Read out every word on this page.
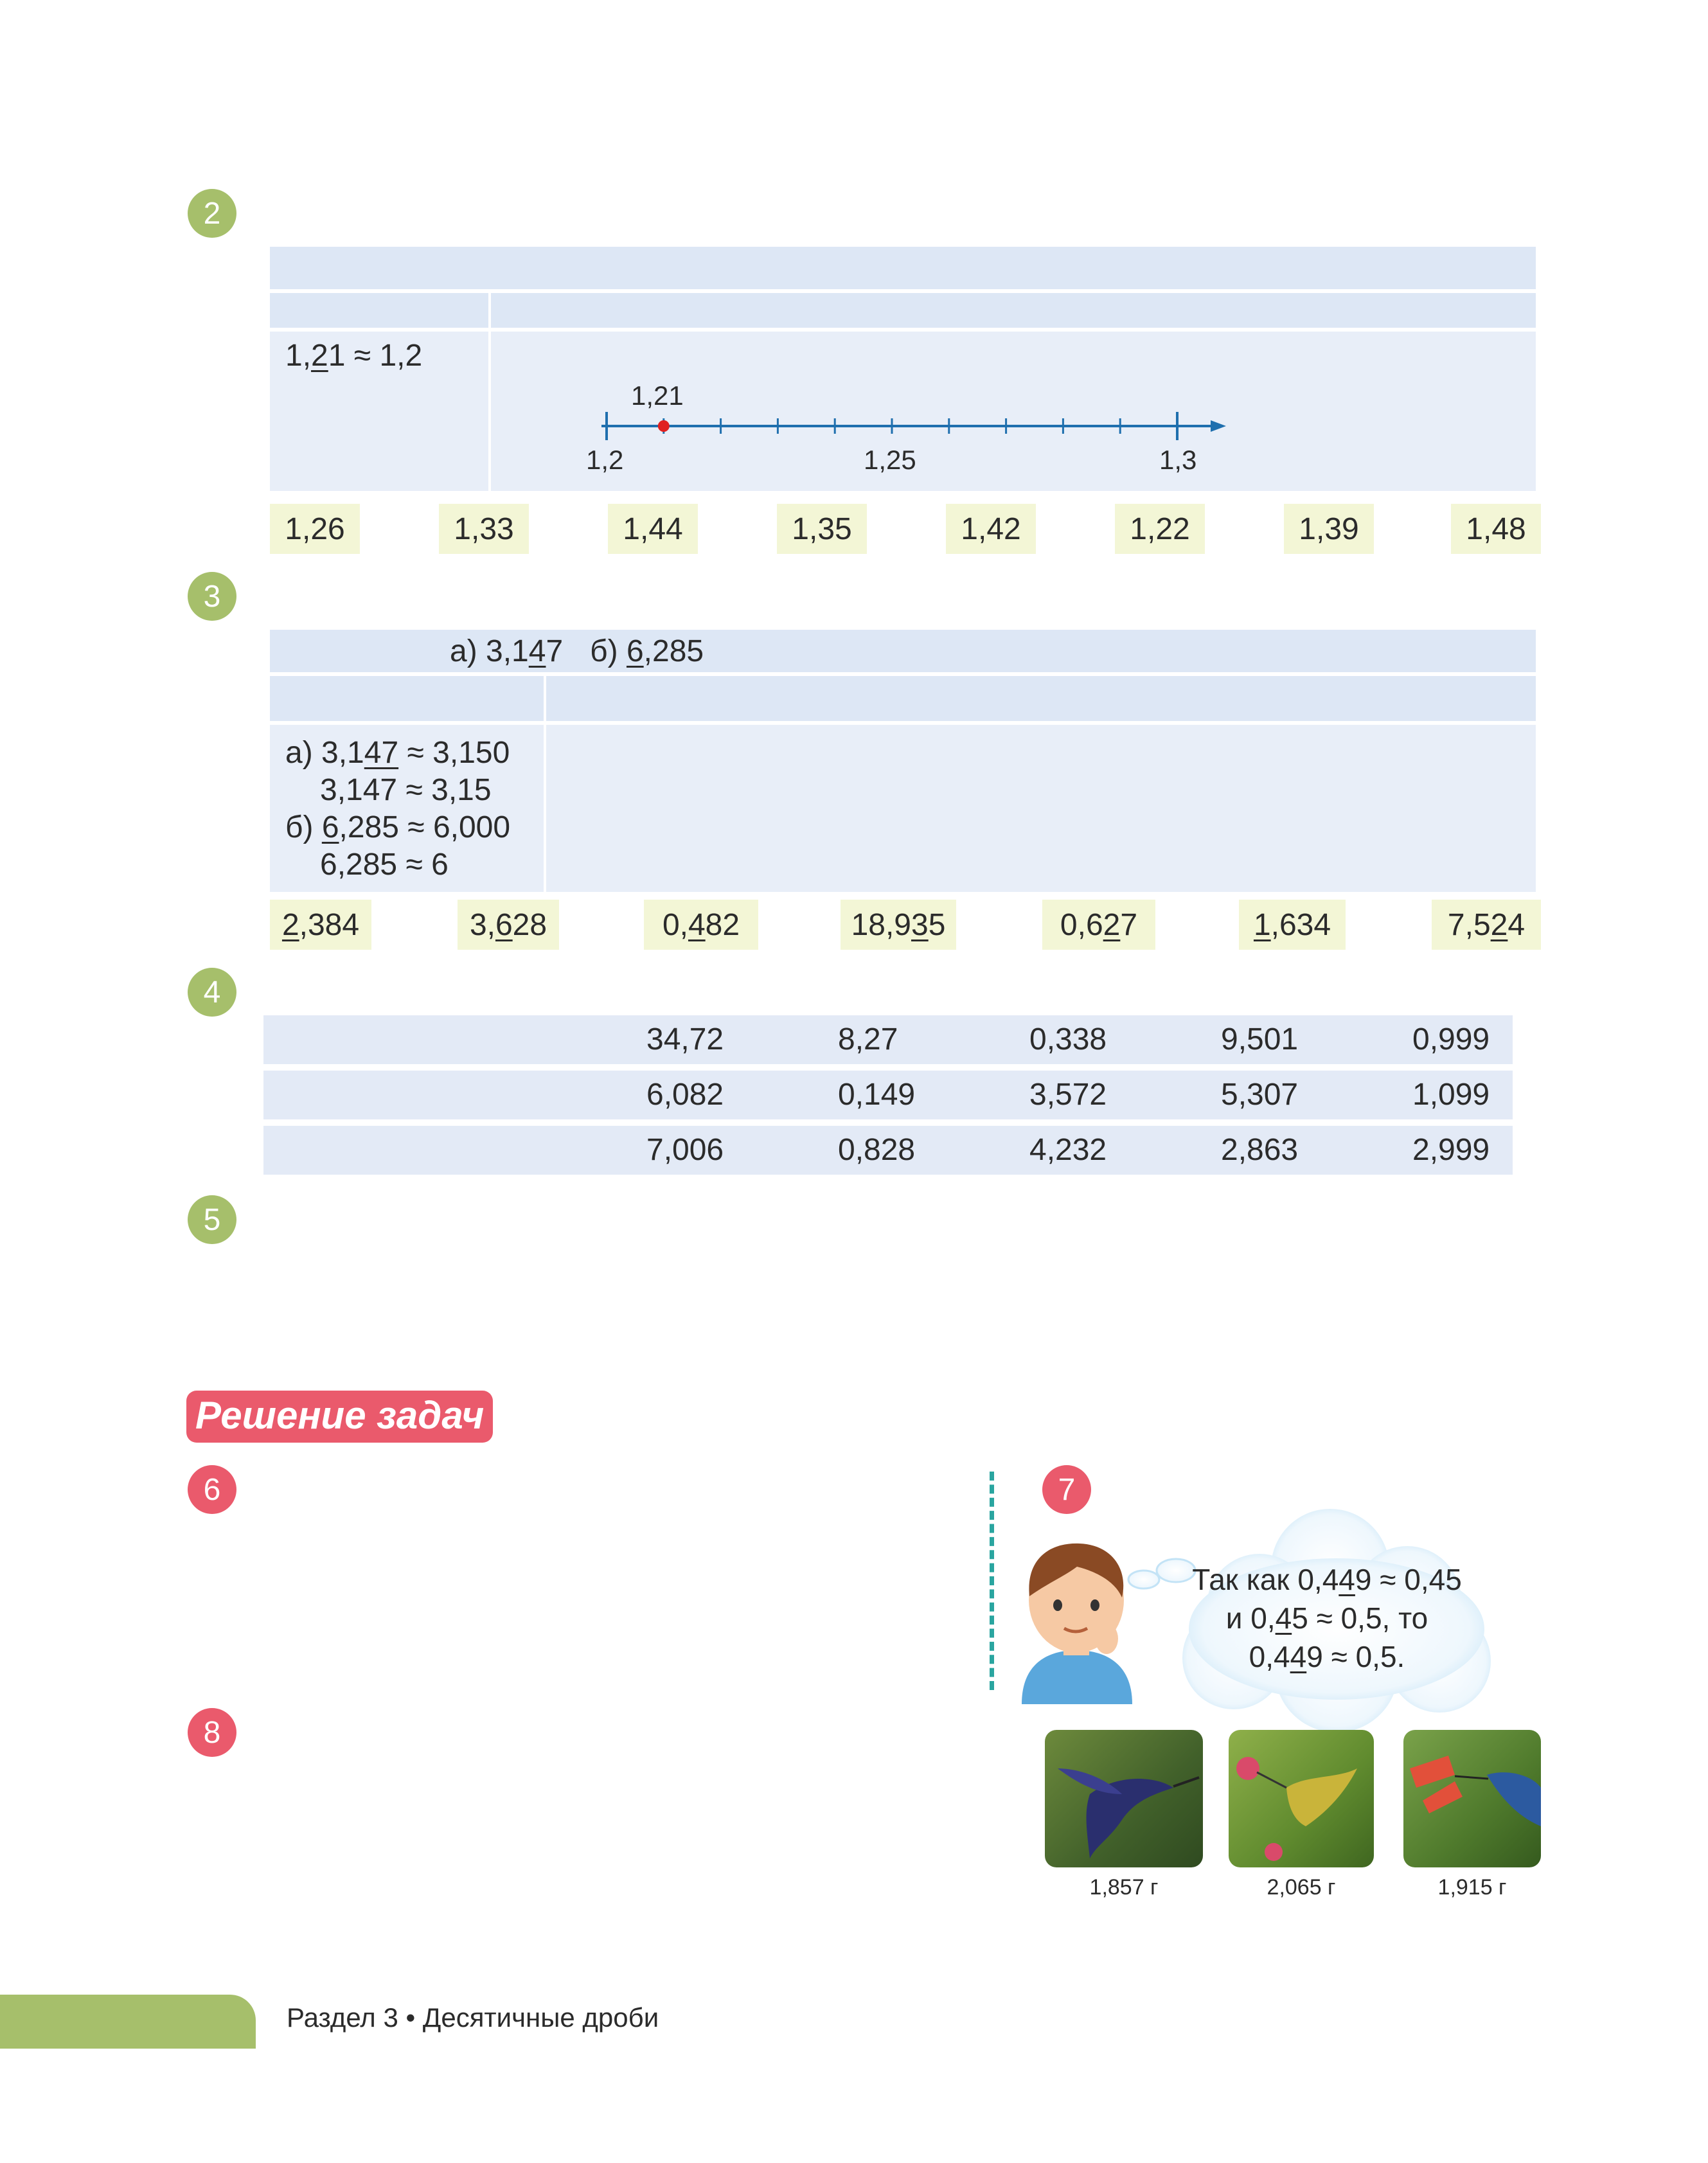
2
1,21 ≈ 1,2
1,21
1,2	1,25	1,3
1,26	1,33	1,44	1,35	1,42	1,22	1,39	1,48
3
а) 3,147 б) 6,285
а) 3,147 ≈ 3,150
3,147 ≈ 3,15
б) 6,285 ≈ 6,000
6,285 ≈ 6
2 ,384	3, 6 28	0, 4 82	18,9 3 5	0,6 2 7	1 ,634	7,5 2 4
4
34,72	8,27	0,338	9,501	0,999
6,082	0,149	3,572	5,307	1,099
7,006	0,828	4,232	2,863	2,999
5
Решение задач
6	7
Так как 0,449 ≈ 0,45
и 0,45 ≈ 0,5, то
0,449 ≈ 0,5.
8
1,857 г	2,065 г	1,915 г
Раздел 3 • Десятичные дроби
